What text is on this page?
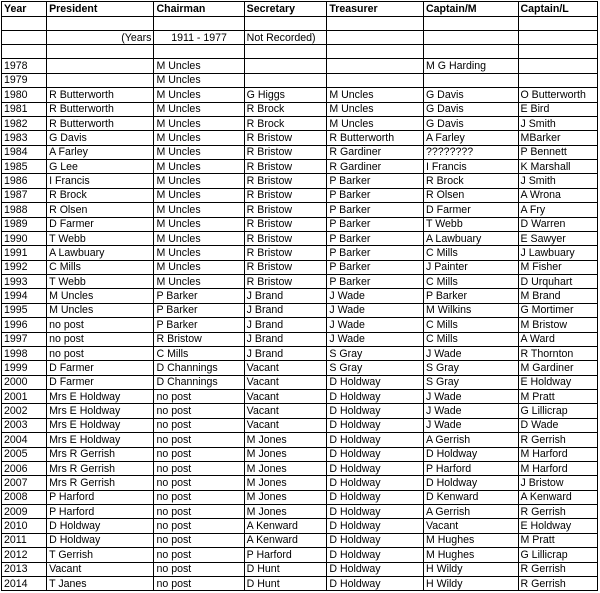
Year	President	Chairman	Secretary	Treasurer	Captain/M	Captain/L

	(Years	1911 - 1977	Not Recorded)			

1978		M Uncles			M G Harding	
1979		M Uncles				
1980	R Butterworth	M Uncles	G Higgs	M Uncles	G Davis	O Butterworth
1981	R Butterworth	M Uncles	R Brock	M Uncles	G Davis	E Bird
1982	R Butterworth	M Uncles	R Brock	M Uncles	G Davis	J Smith
1983	G Davis	M Uncles	R Bristow	R Butterworth	A Farley	MBarker
1984	A Farley	M Uncles	R Bristow	R Gardiner	????????	P Bennett
1985	G Lee	M Uncles	R Bristow	R Gardiner	I Francis	K Marshall
1986	I Francis	M Uncles	R Bristow	P Barker	R Brock	J Smith
1987	R Brock	M Uncles	R Bristow	P Barker	R Olsen	A Wrona
1988	R Olsen	M Uncles	R Bristow	P Barker	D Farmer	A Fry
1989	D Farmer	M Uncles	R Bristow	P Barker	T Webb	D Warren
1990	T Webb	M Uncles	R Bristow	P Barker	A Lawbuary	E Sawyer
1991	A Lawbuary	M Uncles	R Bristow	P Barker	C Mills	J Lawbuary
1992	C Mills	M Uncles	R Bristow	P Barker	J Painter	M Fisher
1993	T Webb	M Uncles	R Bristow	P Barker	C Mills	D Urquhart
1994	M Uncles	P Barker	J Brand	J Wade	P Barker	M Brand
1995	M Uncles	P Barker	J Brand	J Wade	M Wilkins	G Mortimer
1996	no post	P Barker	J Brand	J Wade	C Mills	M Bristow
1997	no post	R Bristow	J Brand	J Wade	C Mills	A Ward
1998	no post	C Mills	J Brand	S Gray	J Wade	R Thornton
1999	D Farmer	D Channings	Vacant	S Gray	S Gray	M Gardiner
2000	D Farmer	D Channings	Vacant	D Holdway	S Gray	E Holdway
2001	Mrs E Holdway	no post	Vacant	D Holdway	J Wade	M Pratt
2002	Mrs E Holdway	no post	Vacant	D Holdway	J Wade	G Lillicrap
2003	Mrs E Holdway	no post	Vacant	D Holdway	J Wade	D Wade
2004	Mrs E Holdway	no post	M Jones	D Holdway	A Gerrish	R Gerrish
2005	Mrs R Gerrish	no post	M Jones	D Holdway	D Holdway	M Harford
2006	Mrs R Gerrish	no post	M Jones	D Holdway	P Harford	M Harford
2007	Mrs R Gerrish	no post	M Jones	D Holdway	D Holdway	J Bristow
2008	P Harford	no post	M Jones	D Holdway	D Kenward	A Kenward
2009	P Harford	no post	M Jones	D Holdway	A Gerrish	R Gerrish
2010	D Holdway	no post	A Kenward	D Holdway	Vacant	E Holdway
2011	D Holdway	no post	A Kenward	D Holdway	M Hughes	M Pratt
2012	T Gerrish	no post	P Harford	D Holdway	M Hughes	G Lillicrap
2013	Vacant	no post	D Hunt	D Holdway	H Wildy	R Gerrish
2014	T Janes	no post	D Hunt	D Holdway	H Wildy	R Gerrish
